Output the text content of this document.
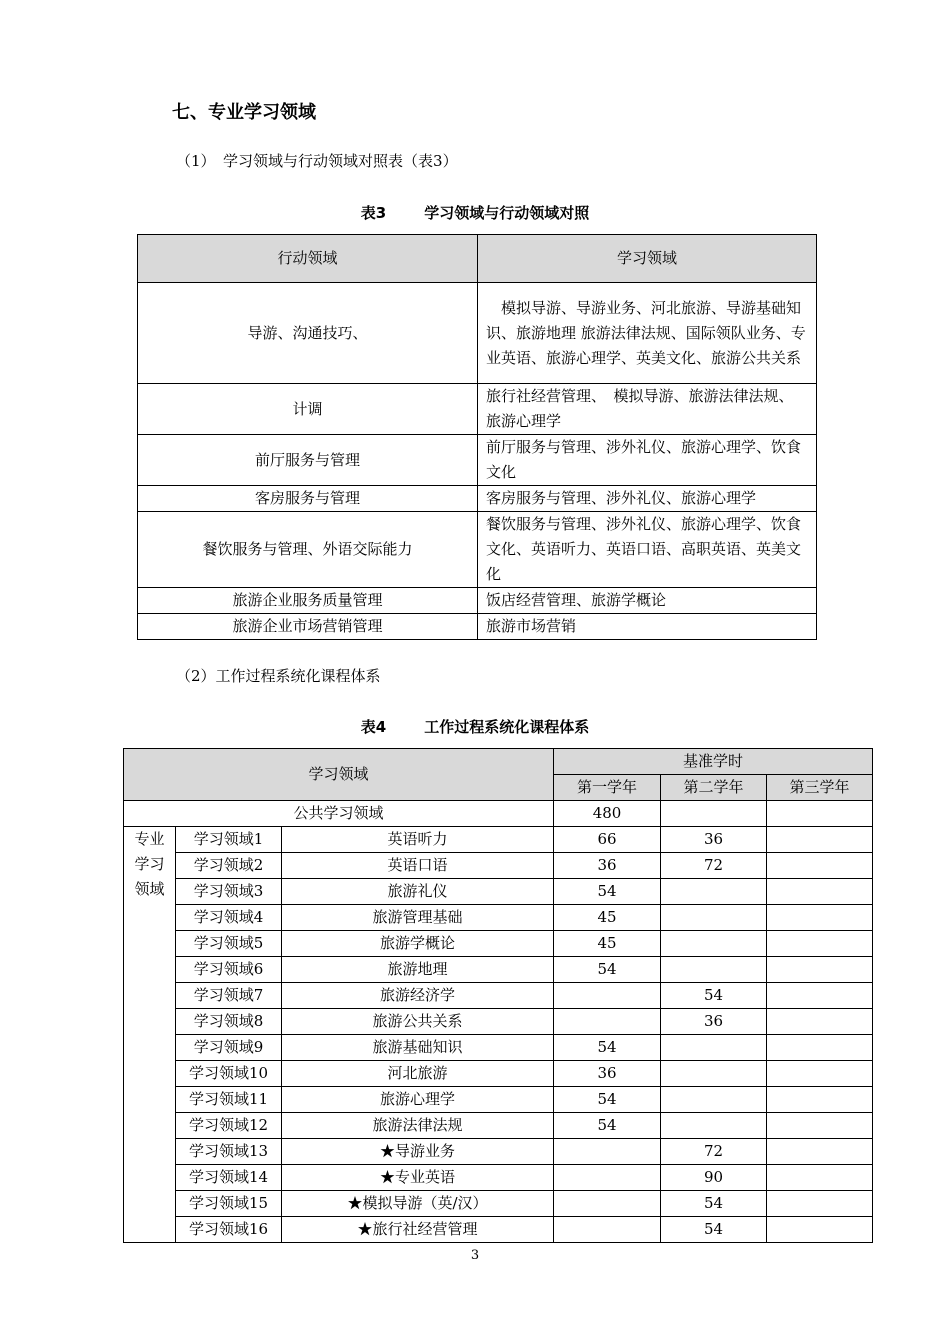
七、专业学习领域
（1）　学习领域与行动领域对照表（表3）
表3	学习领域与行动领域对照
行动领域	学习领域
导游、沟通技巧、	　模拟导游、导游业务、河北旅游、导游基础知识、旅游地理 旅游法律法规、国际领队业务、专业英语、旅游心理学、英美文化、旅游公共关系
计调	旅行社经营管理、　模拟导游、旅游法律法规、旅游心理学
前厅服务与管理	前厅服务与管理、涉外礼仪、旅游心理学、饮食文化
客房服务与管理	客房服务与管理、涉外礼仪、旅游心理学
餐饮服务与管理、外语交际能力	餐饮服务与管理、涉外礼仪、旅游心理学、饮食文化、英语听力、英语口语、高职英语、英美文化
旅游企业服务质量管理	饭店经营管理、旅游学概论
旅游企业市场营销管理	旅游市场营销
（2）工作过程系统化课程体系
表4	工作过程系统化课程体系
学习领域			基准学时		
			第一学年	第二学年	第三学年
公共学习领域			480		
专业学习领域	学习领域1	英语听力	66	36	
	学习领域2	英语口语	36	72	
	学习领域3	旅游礼仪	54		
	学习领域4	旅游管理基础	45		
	学习领域5	旅游学概论	45		
	学习领域6	旅游地理	54		
	学习领域7	旅游经济学		54	
	学习领域8	旅游公共关系		36	
	学习领域9	旅游基础知识	54		
	学习领域10	河北旅游	36		
	学习领域11	旅游心理学	54		
	学习领域12	旅游法律法规	54		
	学习领域13	★导游业务		72	
	学习领域14	★专业英语		90	
	学习领域15	★模拟导游（英/汉）		54	
	学习领域16	★旅行社经营管理		54	
3
